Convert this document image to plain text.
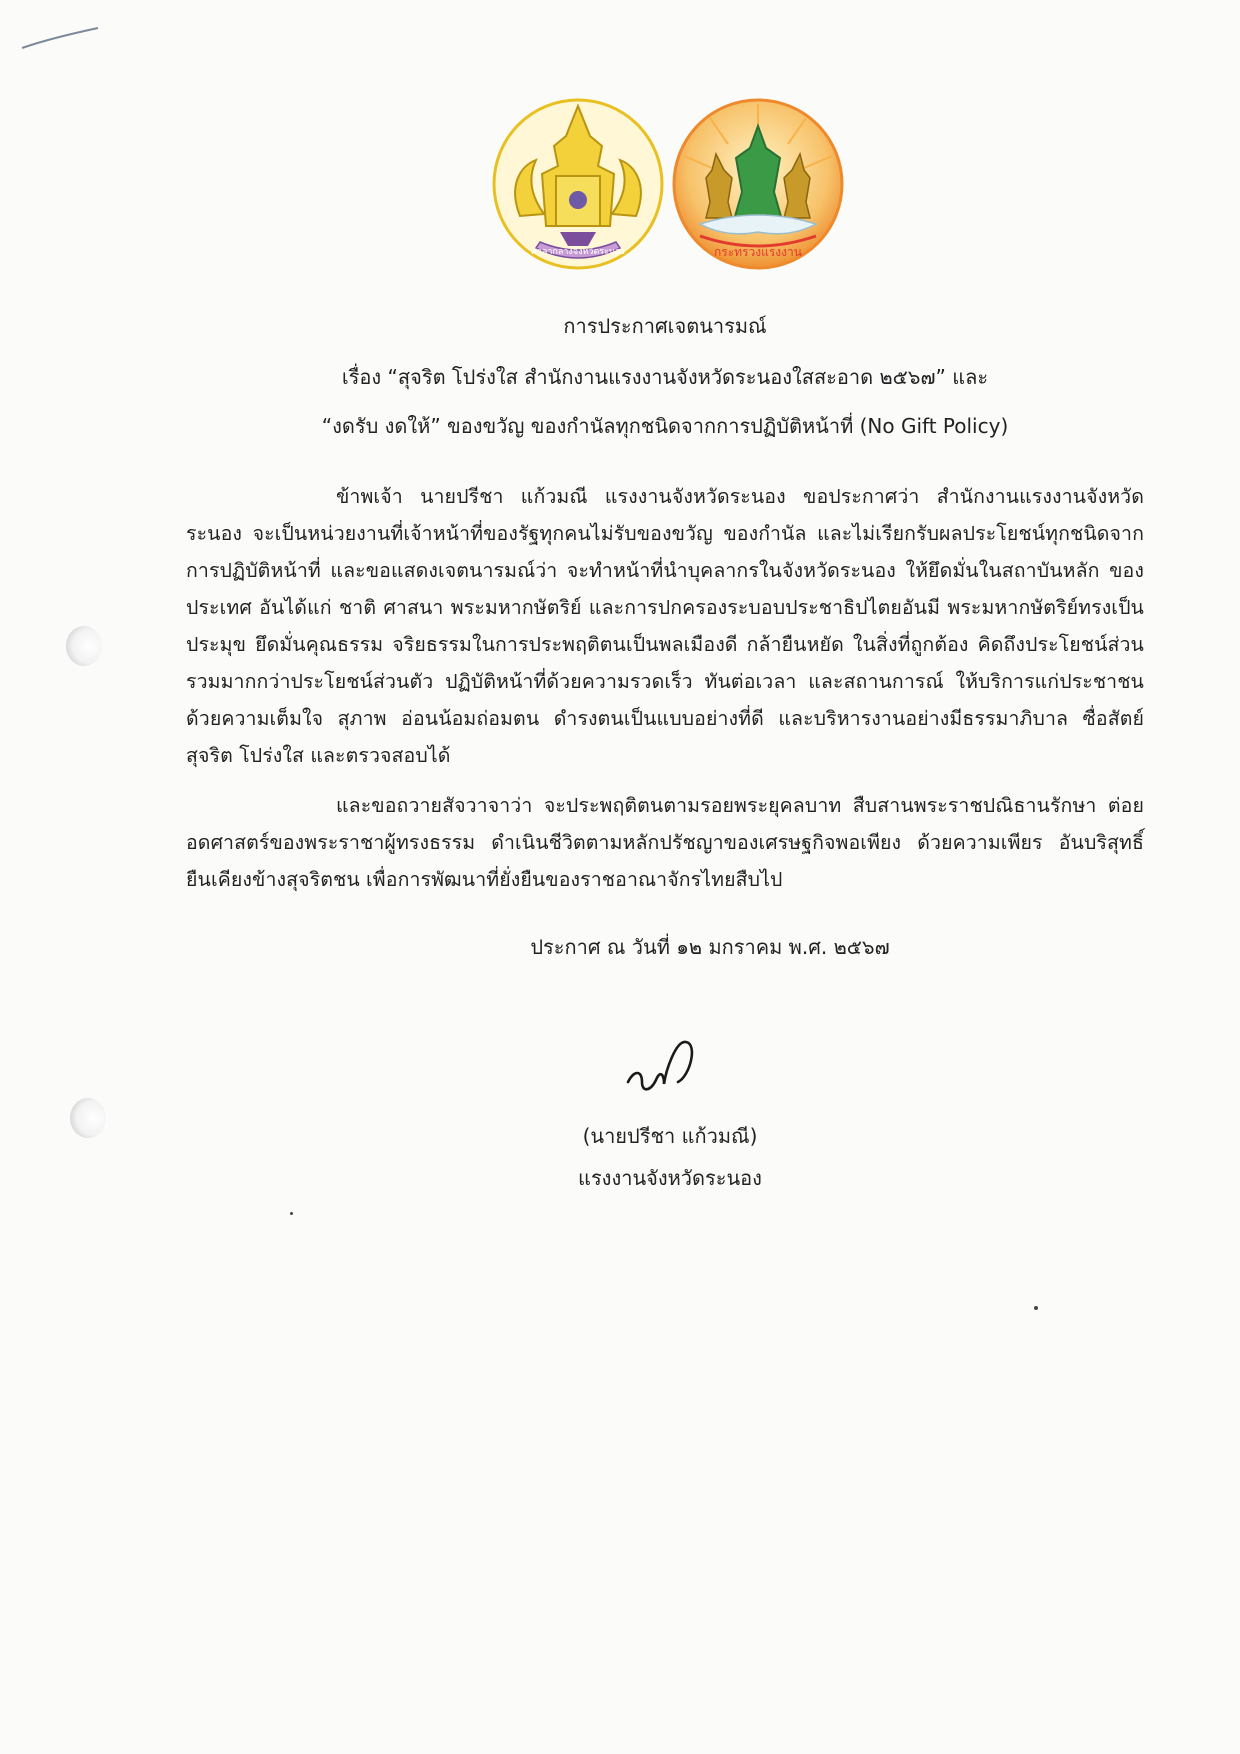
ศาลากลางจังหวัดระนอง	กระทรวงแรงงาน
การประกาศเจตนารมณ์
เรื่อง “สุจริต โปร่งใส สำนักงานแรงงานจังหวัดระนองใสสะอาด ๒๕๖๗” และ
“งดรับ งดให้” ของขวัญ ของกำนัลทุกชนิดจากการปฏิบัติหน้าที่ (No Gift Policy)
ข้าพเจ้า นายปรีชา แก้วมณี แรงงานจังหวัดระนอง ขอประกาศว่า สำนักงานแรงงานจังหวัดระนอง จะเป็นหน่วยงานที่เจ้าหน้าที่ของรัฐทุกคนไม่รับของขวัญ ของกำนัล และไม่เรียกรับผลประโยชน์ทุกชนิดจาก การปฏิบัติหน้าที่ และขอแสดงเจตนารมณ์ว่า จะทำหน้าที่นำบุคลากรในจังหวัดระนอง ให้ยึดมั่นในสถาบันหลัก ของประเทศ อันได้แก่ ชาติ ศาสนา พระมหากษัตริย์ และการปกครองระบอบประชาธิปไตยอันมี พระมหากษัตริย์ทรงเป็นประมุข ยึดมั่นคุณธรรม จริยธรรมในการประพฤติตนเป็นพลเมืองดี กล้ายืนหยัด ในสิ่งที่ถูกต้อง คิดถึงประโยชน์ส่วนรวมมากกว่าประโยชน์ส่วนตัว ปฏิบัติหน้าที่ด้วยความรวดเร็ว ทันต่อเวลา และสถานการณ์ ให้บริการแก่ประชาชนด้วยความเต็มใจ สุภาพ อ่อนน้อมถ่อมตน ดำรงตนเป็นแบบอย่างที่ดี และบริหารงานอย่างมีธรรมาภิบาล ซื่อสัตย์สุจริต โปร่งใส และตรวจสอบได้
และขอถวายสัจวาจาว่า จะประพฤติตนตามรอยพระยุคลบาท สืบสานพระราชปณิธานรักษา ต่อยอดศาสตร์ของพระราชาผู้ทรงธรรม ดำเนินชีวิตตามหลักปรัชญาของเศรษฐกิจพอเพียง ด้วยความเพียร อันบริสุทธิ์ ยืนเคียงข้างสุจริตชน เพื่อการพัฒนาที่ยั่งยืนของราชอาณาจักรไทยสืบไป
ประกาศ ณ วันที่ ๑๒ มกราคม พ.ศ. ๒๕๖๗
(นายปรีชา แก้วมณี)
แรงงานจังหวัดระนอง
